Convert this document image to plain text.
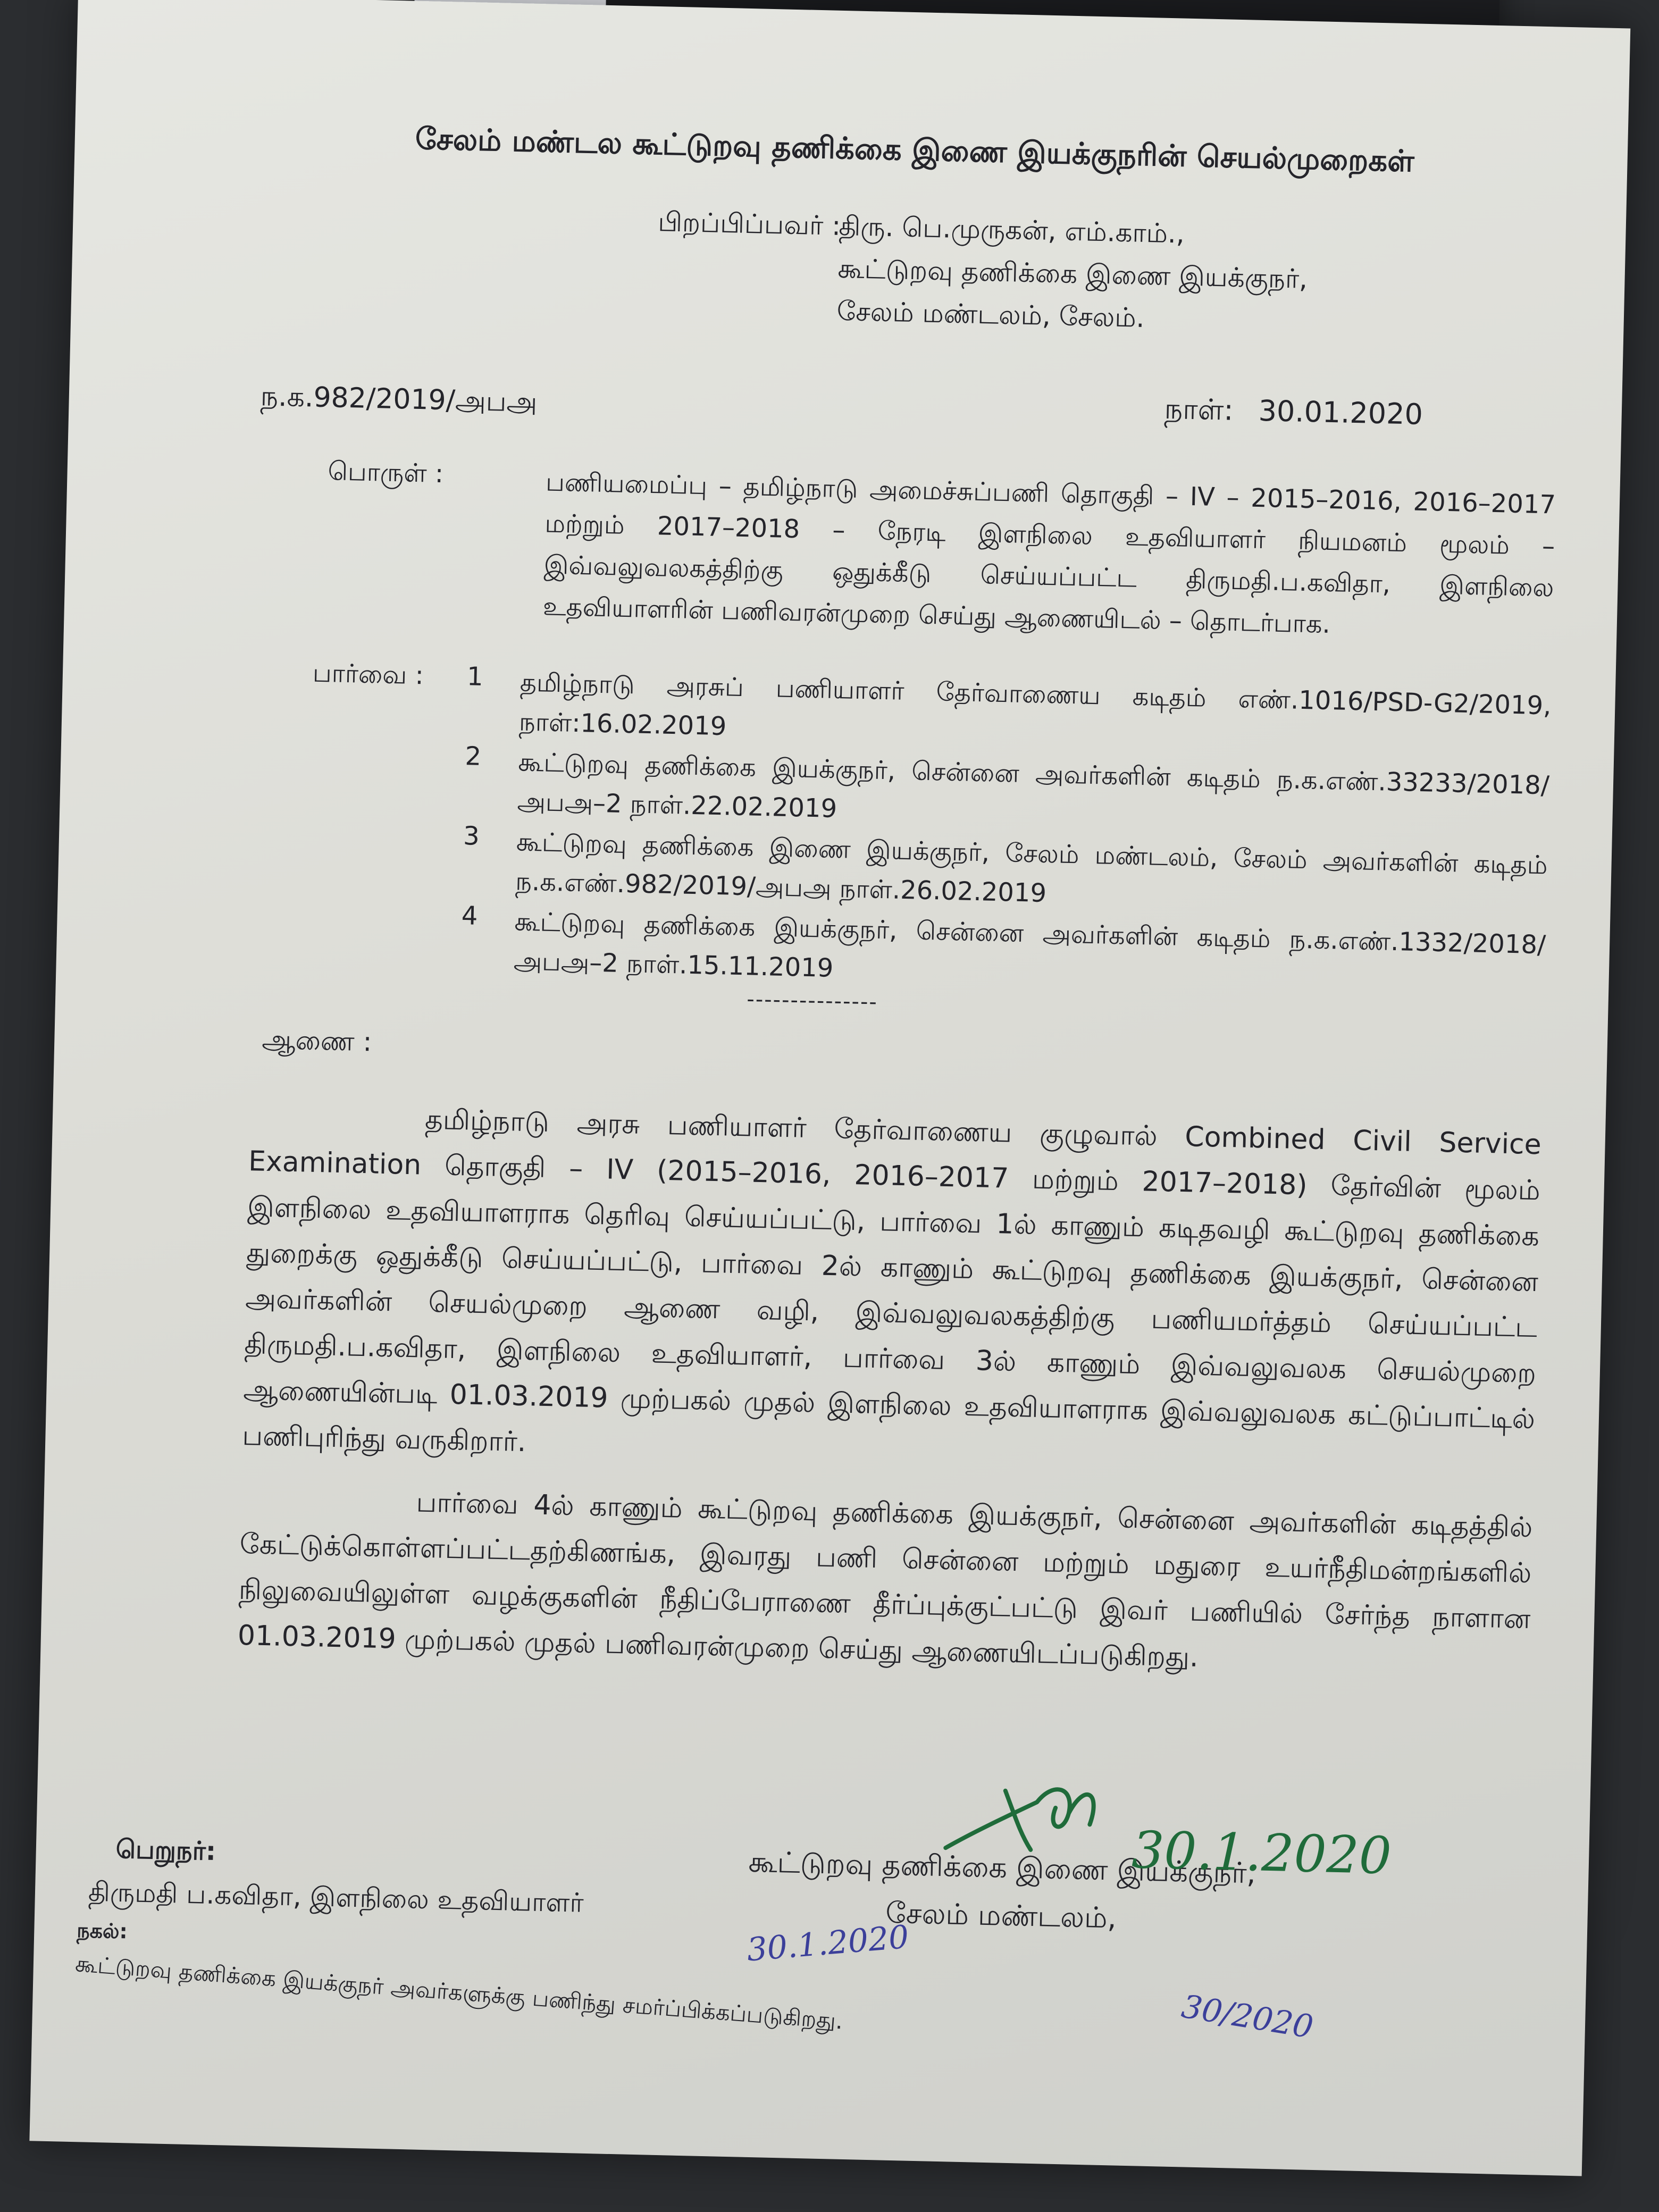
சேலம் மண்டல கூட்டுறவு தணிக்கை இணை இயக்குநரின் செயல்முறைகள்
பிறப்பிப்பவர் :
திரு. பெ.முருகன், எம்.காம்.,
கூட்டுறவு தணிக்கை இணை இயக்குநர்,
சேலம் மண்டலம், சேலம்.
ந.க.982/2019/அபஅ	நாள்: 30.01.2020
பொருள் :	பணியமைப்பு – தமிழ்நாடு அமைச்சுப்பணி தொகுதி – IV – 2015–2016, 2016–2017 மற்றும் 2017–2018 – நேரடி இளநிலை உதவியாளர் நியமனம் மூலம் – இவ்வலுவலகத்திற்கு ஒதுக்கீடு செய்யப்பட்ட திருமதி.ப.கவிதா, இளநிலை உதவியாளரின் பணிவரன்முறை செய்து ஆணையிடல் – தொடர்பாக.
பார்வை : 1 தமிழ்நாடு அரசுப் பணியாளர் தேர்வாணைய கடிதம் எண்.1016/PSD-G2/2019, நாள்:16.02.2019
2 கூட்டுறவு தணிக்கை இயக்குநர், சென்னை அவர்களின் கடிதம் ந.க.எண்.33233/2018/அபஅ–2 நாள்.22.02.2019
3 கூட்டுறவு தணிக்கை இணை இயக்குநர், சேலம் மண்டலம், சேலம் அவர்களின் கடிதம் ந.க.எண்.982/2019/அபஅ நாள்.26.02.2019
4 கூட்டுறவு தணிக்கை இயக்குநர், சென்னை அவர்களின் கடிதம் ந.க.எண்.1332/2018/அபஅ–2 நாள்.15.11.2019
---------------
ஆணை :
தமிழ்நாடு அரசு பணியாளர் தேர்வாணைய குழுவால் Combined Civil Service Examination தொகுதி – IV (2015–2016, 2016–2017 மற்றும் 2017–2018) தேர்வின் மூலம் இளநிலை உதவியாளராக தெரிவு செய்யப்பட்டு, பார்வை 1ல் காணும் கடிதவழி கூட்டுறவு தணிக்கை துறைக்கு ஒதுக்கீடு செய்யப்பட்டு, பார்வை 2ல் காணும் கூட்டுறவு தணிக்கை இயக்குநர், சென்னை அவர்களின் செயல்முறை ஆணை வழி, இவ்வலுவலகத்திற்கு பணியமர்த்தம் செய்யப்பட்ட திருமதி.ப.கவிதா, இளநிலை உதவியாளர், பார்வை 3ல் காணும் இவ்வலுவலக செயல்முறை ஆணையின்படி 01.03.2019 முற்பகல் முதல் இளநிலை உதவியாளராக இவ்வலுவலக கட்டுப்பாட்டில் பணிபுரிந்து வருகிறார்.
பார்வை 4ல் காணும் கூட்டுறவு தணிக்கை இயக்குநர், சென்னை அவர்களின் கடிதத்தில் கேட்டுக்கொள்ளப்பட்டதற்கிணங்க, இவரது பணி சென்னை மற்றும் மதுரை உயர்நீதிமன்றங்களில் நிலுவையிலுள்ள வழக்குகளின் நீதிப்பேராணை தீர்ப்புக்குட்பட்டு இவர் பணியில் சேர்ந்த நாளான 01.03.2019 முற்பகல் முதல் பணிவரன்முறை செய்து ஆணையிடப்படுகிறது.
கூட்டுறவு தணிக்கை இணை இயக்குநர்,
சேலம் மண்டலம்,
30.1.2020
30.1.2020
30/2020
பெறுநர்:
திருமதி ப.கவிதா, இளநிலை உதவியாளர்
நகல்:
கூட்டுறவு தணிக்கை இயக்குநர் அவர்களுக்கு பணிந்து சமர்ப்பிக்கப்படுகிறது.
